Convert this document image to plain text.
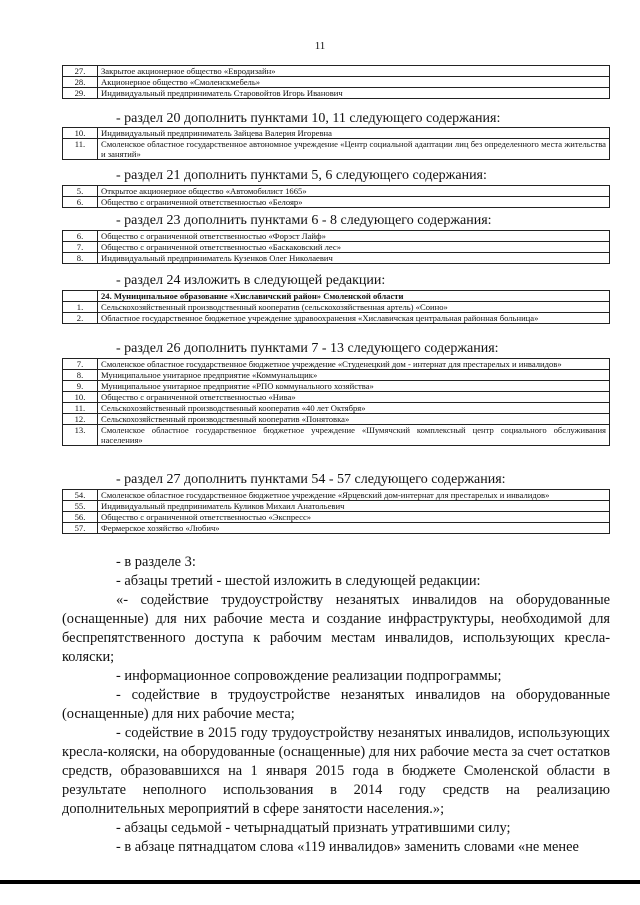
11
27.	Закрытое акционерное общество «Евродизайн»
28.	Акционерное общество «Смоленскмебель»
29.	Индивидуальный предприниматель Старовойтов Игорь Иванович
- раздел 20 дополнить пунктами 10, 11 следующего содержания:
10.	Индивидуальный предприниматель Зайцева Валерия Игоревна
11.	Смоленское областное государственное автономное учреждение «Центр социальной адаптации лиц без определенного места жительства и занятий»
- раздел 21 дополнить пунктами 5, 6 следующего содержания:
5.	Открытое акционерное общество «Автомобилист 1665»
6.	Общество с ограниченной ответственностью «Белояр»
- раздел 23 дополнить пунктами 6 - 8 следующего содержания:
6.	Общество с ограниченной ответственностью «Форэст Лайф»
7.	Общество с ограниченной ответственностью «Баскаковский лес»
8.	Индивидуальный предприниматель Кузенков Олег Николаевич
- раздел 24 изложить в следующей редакции:
	24. Муниципальное образование «Хиславичский район» Смоленской области
1.	Сельскохозяйственный производственный кооператив (сельскохозяйственная артель) «Соино»
2.	Областное государственное бюджетное учреждение здравоохранения «Хиславичская центральная районная больница»
- раздел 26 дополнить пунктами 7 - 13 следующего содержания:
7.	Смоленское областное государственное бюджетное учреждение «Студенецкий дом - интернат для престарелых и инвалидов»
8.	Муниципальное унитарное предприятие «Коммунальщик»
9.	Муниципальное унитарное предприятие «РПО коммунального хозяйства»
10.	Общество с ограниченной ответственностью «Нива»
11.	Сельскохозяйственный производственный кооператив «40 лет Октября»
12.	Сельскохозяйственный производственный кооператив «Понятовка»
13.	Смоленское областное государственное бюджетное учреждение «Шумячский комплексный центр социального обслуживания населения»
- раздел 27 дополнить пунктами 54 - 57 следующего содержания:
54.	Смоленское областное государственное бюджетное учреждение «Ярцевский дом-интернат для престарелых и инвалидов»
55.	Индивидуальный предприниматель Куликов Михаил Анатольевич
56.	Общество с ограниченной ответственностью «Экспресс»
57.	Фермерское хозяйство «Любич»

- в разделе 3:

- абзацы третий - шестой изложить в следующей редакции:

«- содействие трудоустройству незанятых инвалидов на оборудованные (оснащенные) для них рабочие места и создание инфраструктуры, необходимой для беспрепятственного доступа к рабочим местам инвалидов, использующих кресла-коляски;

- информационное сопровождение реализации подпрограммы;

- содействие в трудоустройстве незанятых инвалидов на оборудованные (оснащенные) для них рабочие места;

- содействие в 2015 году трудоустройству незанятых инвалидов, использующих кресла-коляски, на оборудованные (оснащенные) для них рабочие места за счет остатков средств, образовавшихся на 1 января 2015 года в бюджете Смоленской области в результате неполного использования в 2014 году средств на реализацию дополнительных мероприятий в сфере занятости населения.»;

- абзацы седьмой - четырнадцатый признать утратившими силу;

- в абзаце пятнадцатом слова «119 инвалидов» заменить словами «не менее
